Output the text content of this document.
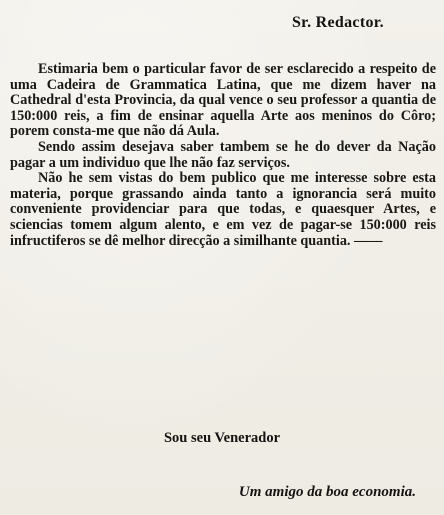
Sr. Redactor.

Estimaria bem o particular favor de ser esclarecido a respeito de uma Cadeira de Grammatica Latina, que me dizem haver na Cathedral d'esta Provincia, da qual vence o seu professor a quantia de 150:000 reis, a fim de ensinar aquella Arte aos meninos do Côro; porem consta-me que não dá Aula.

Sendo assim desejava saber tambem se he do dever da Nação pagar a um individuo que lhe não faz serviços.

Não he sem vistas do bem publico que me interesse sobre esta materia, porque grassando ainda tanto a ignorancia será muito conveniente providenciar para que todas, e quaesquer Artes, e sciencias tomem algum alento, e em vez de pagar-se 150:000 reis infructiferos se dê melhor direcção a similhante quantia. ——

Sou seu Venerador
Um amigo da boa economia.
